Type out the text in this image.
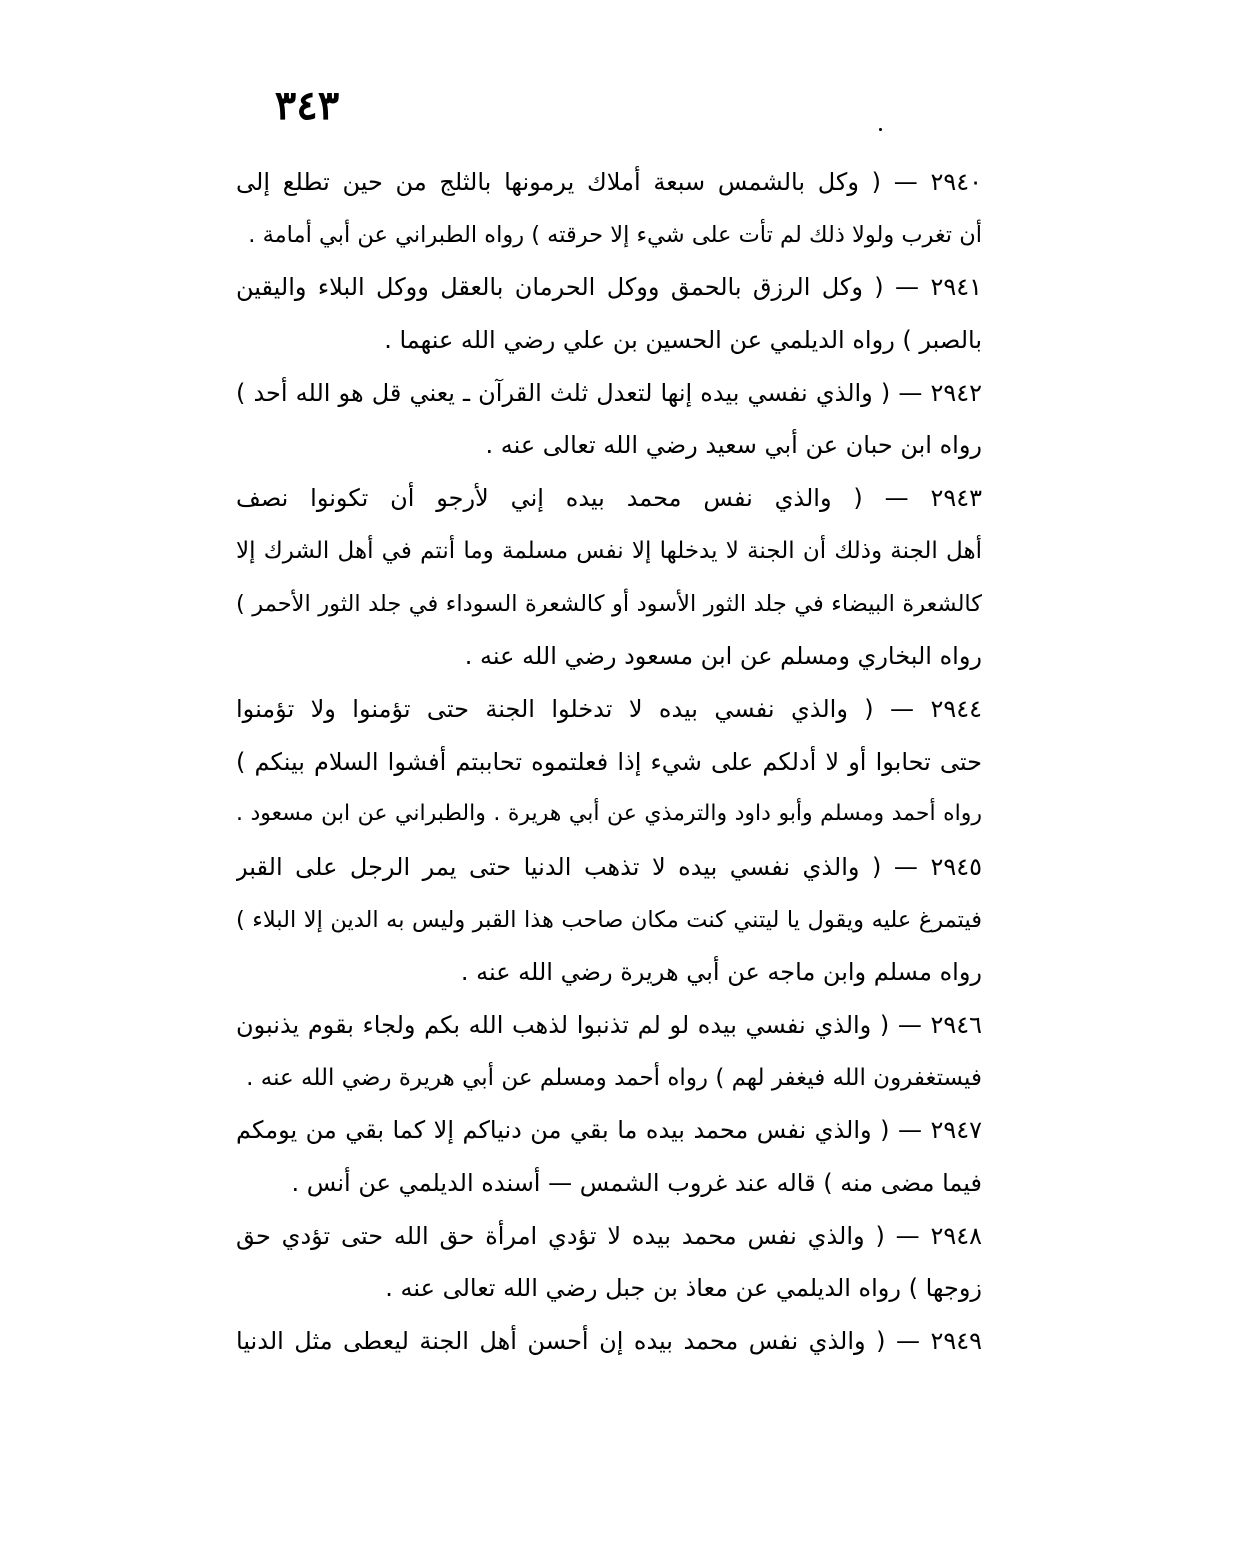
٣٤٣
٢٩٤٠ — ( وكل بالشمس سبعة أملاك يرمونها بالثلج من حين تطلع إلى
أن تغرب ولولا ذلك لم تأت على شيء إلا حرقته ) رواه الطبراني عن أبي أمامة .
٢٩٤١ — ( وكل الرزق بالحمق ووكل الحرمان بالعقل ووكل البلاء واليقين
بالصبر ) رواه الديلمي عن الحسين بن علي رضي الله عنهما .
٢٩٤٢ — ( والذي نفسي بيده إنها لتعدل ثلث القرآن ـ يعني قل هو الله أحد )
رواه ابن حبان عن أبي سعيد رضي الله تعالى عنه .
٢٩٤٣ — ( والذي نفس محمد بيده إني لأرجو أن تكونوا نصف
أهل الجنة وذلك أن الجنة لا يدخلها إلا نفس مسلمة وما أنتم في أهل الشرك إلا
كالشعرة البيضاء في جلد الثور الأسود أو كالشعرة السوداء في جلد الثور الأحمر )
رواه البخاري ومسلم عن ابن مسعود رضي الله عنه .
٢٩٤٤ — ( والذي نفسي بيده لا تدخلوا الجنة حتى تؤمنوا ولا تؤمنوا
حتى تحابوا أو لا أدلكم على شيء إذا فعلتموه تحاببتم أفشوا السلام بينكم )
رواه أحمد ومسلم وأبو داود والترمذي عن أبي هريرة . والطبراني عن ابن مسعود .
٢٩٤٥ — ( والذي نفسي بيده لا تذهب الدنيا حتى يمر الرجل على القبر
فيتمرغ عليه ويقول يا ليتني كنت مكان صاحب هذا القبر وليس به الدين إلا البلاء )
رواه مسلم وابن ماجه عن أبي هريرة رضي الله عنه .
٢٩٤٦ — ( والذي نفسي بيده لو لم تذنبوا لذهب الله بكم ولجاء بقوم يذنبون
فيستغفرون الله فيغفر لهم ) رواه أحمد ومسلم عن أبي هريرة رضي الله عنه .
٢٩٤٧ — ( والذي نفس محمد بيده ما بقي من دنياكم إلا كما بقي من يومكم
فيما مضى منه ) قاله عند غروب الشمس — أسنده الديلمي عن أنس .
٢٩٤٨ — ( والذي نفس محمد بيده لا تؤدي امرأة حق الله حتى تؤدي حق
زوجها ) رواه الديلمي عن معاذ بن جبل رضي الله تعالى عنه .
٢٩٤٩ — ( والذي نفس محمد بيده إن أحسن أهل الجنة ليعطى مثل الدنيا
